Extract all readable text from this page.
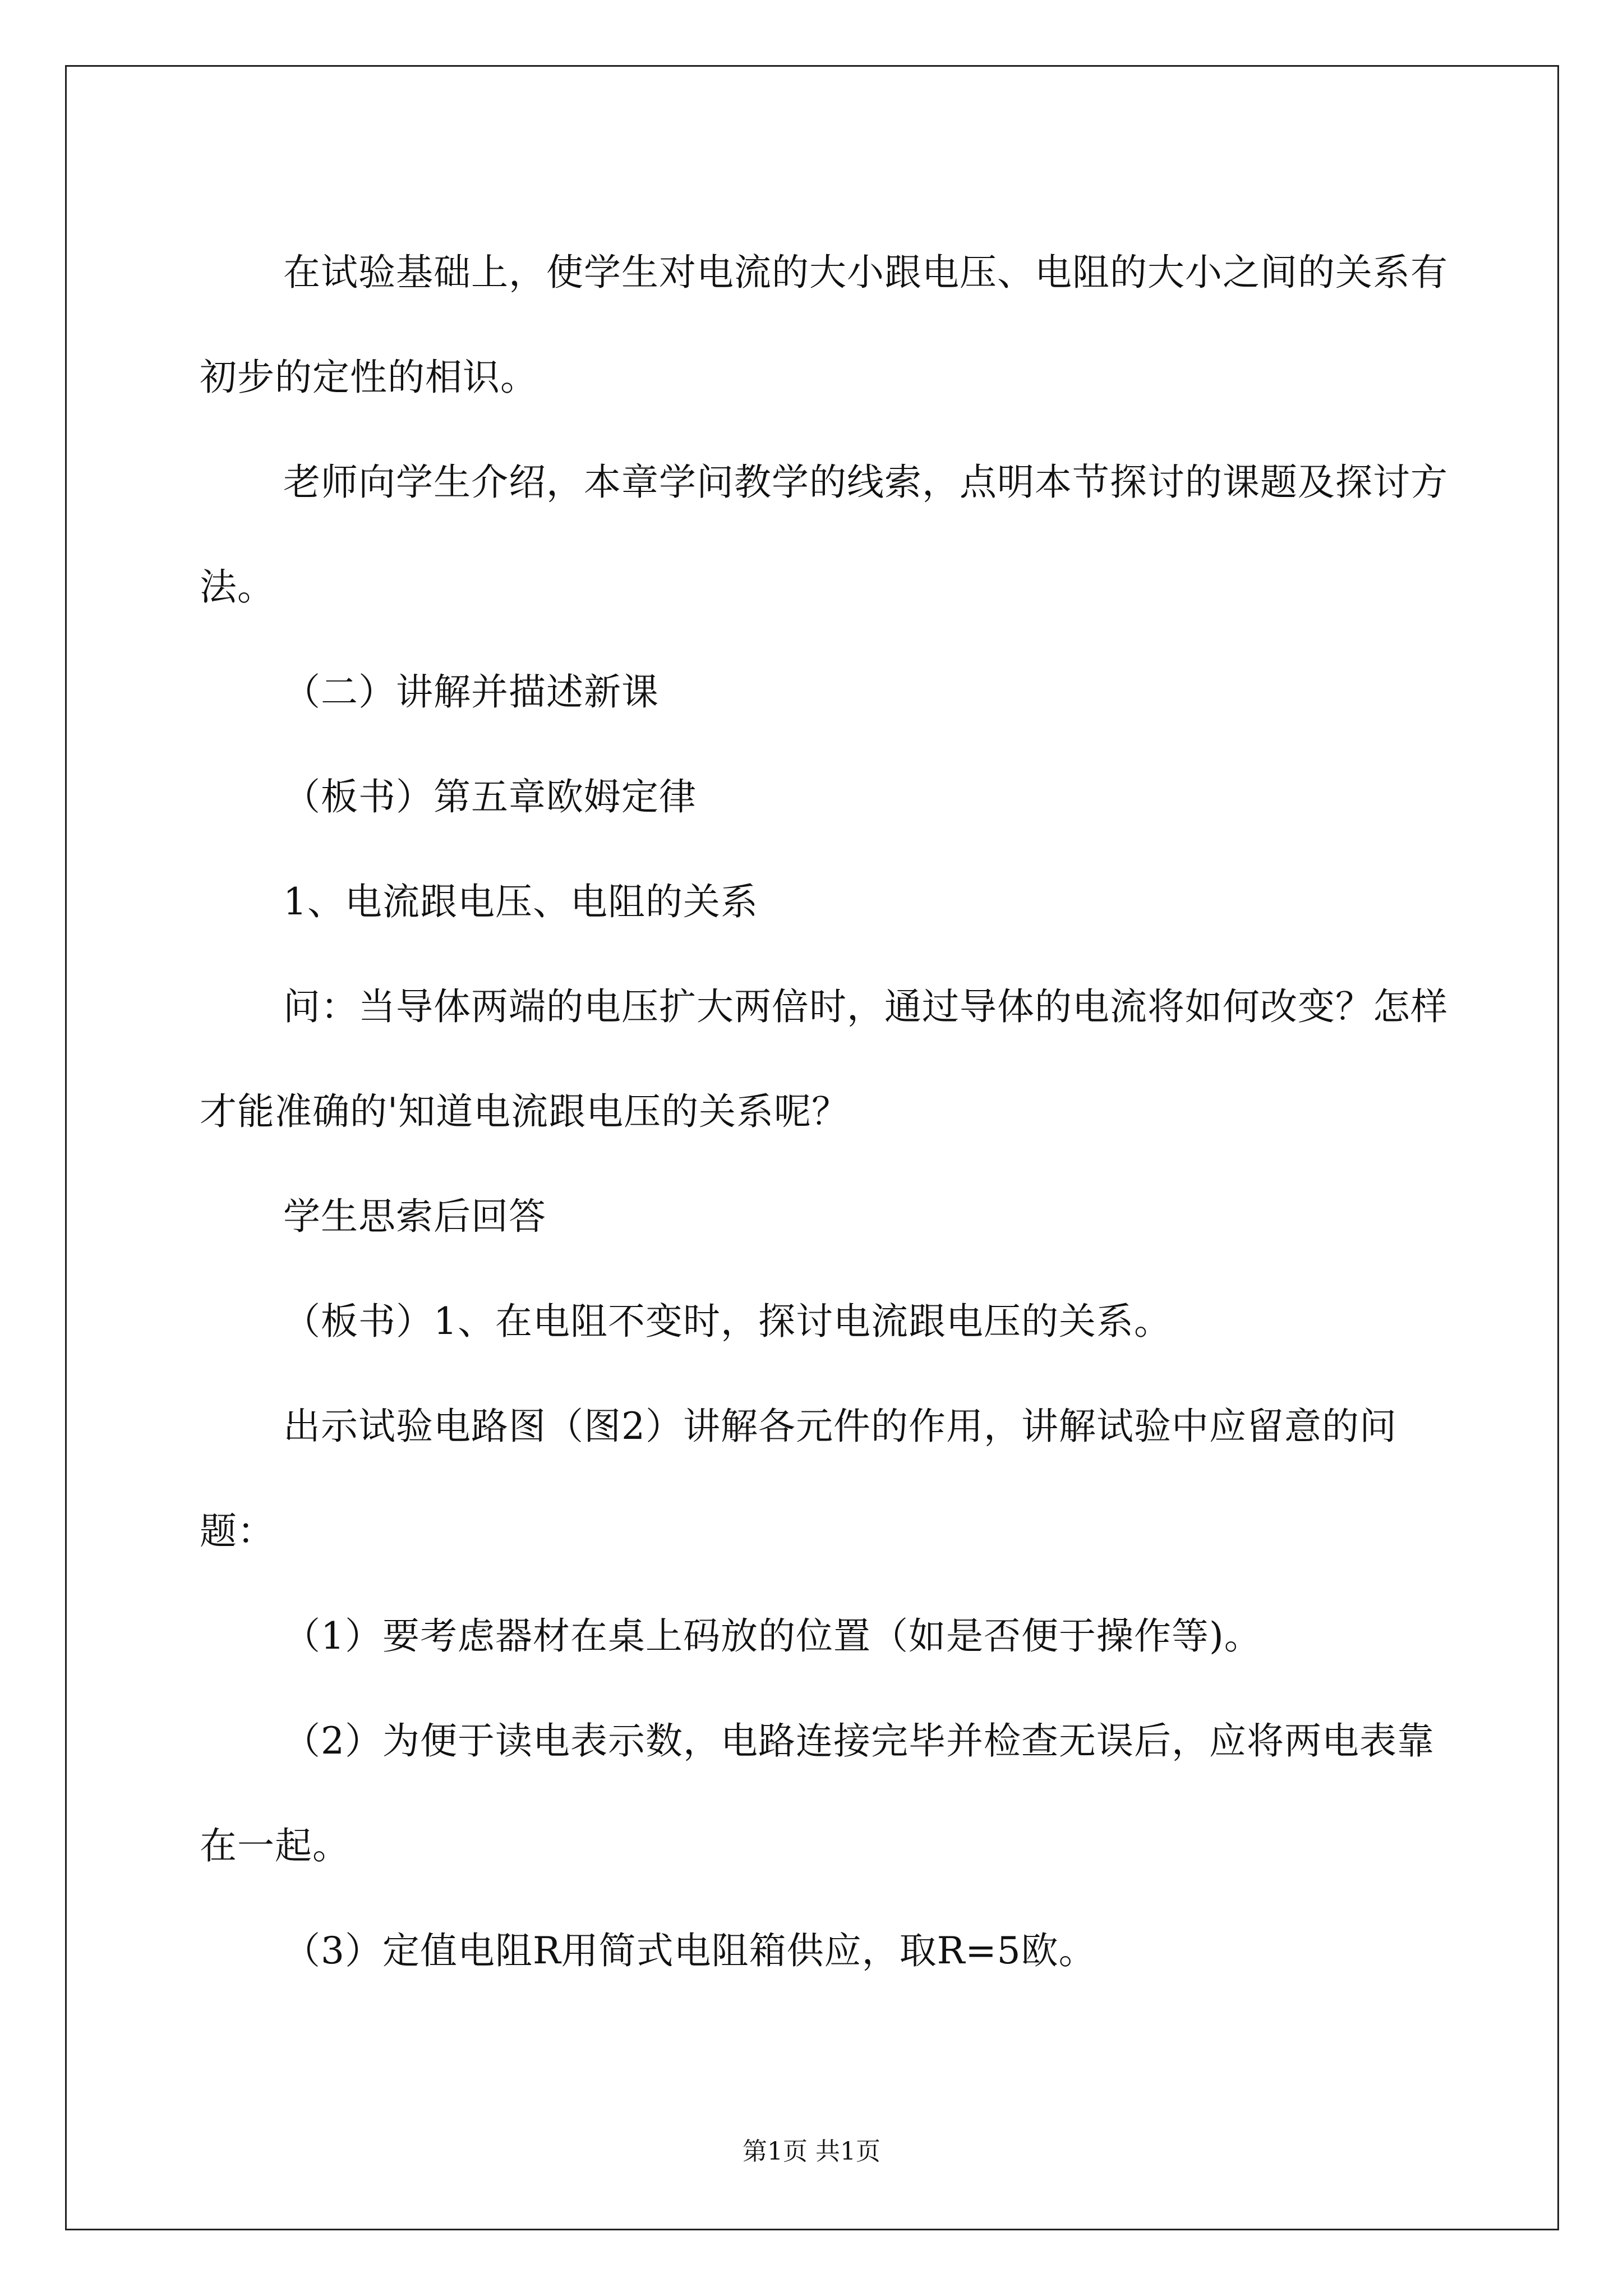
在试验基础上，使学生对电流的大小跟电压、电阻的大小之间的关系有初步的定性的相识。

老师向学生介绍，本章学问教学的线索，点明本节探讨的课题及探讨方法。

（二）讲解并描述新课

（板书）第五章欧姆定律

1、电流跟电压、电阻的关系

问：当导体两端的电压扩大两倍时，通过导体的电流将如何改变？怎样才能准确的'知道电流跟电压的关系呢？

学生思索后回答

（板书）1、在电阻不变时，探讨电流跟电压的关系。

出示试验电路图（图2）讲解各元件的作用，讲解试验中应留意的问题：

（1）要考虑器材在桌上码放的位置（如是否便于操作等)。

（2）为便于读电表示数，电路连接完毕并检查无误后，应将两电表靠在一起。

（3）定值电阻R用简式电阻箱供应，取R=5欧。

第1页 共1页
